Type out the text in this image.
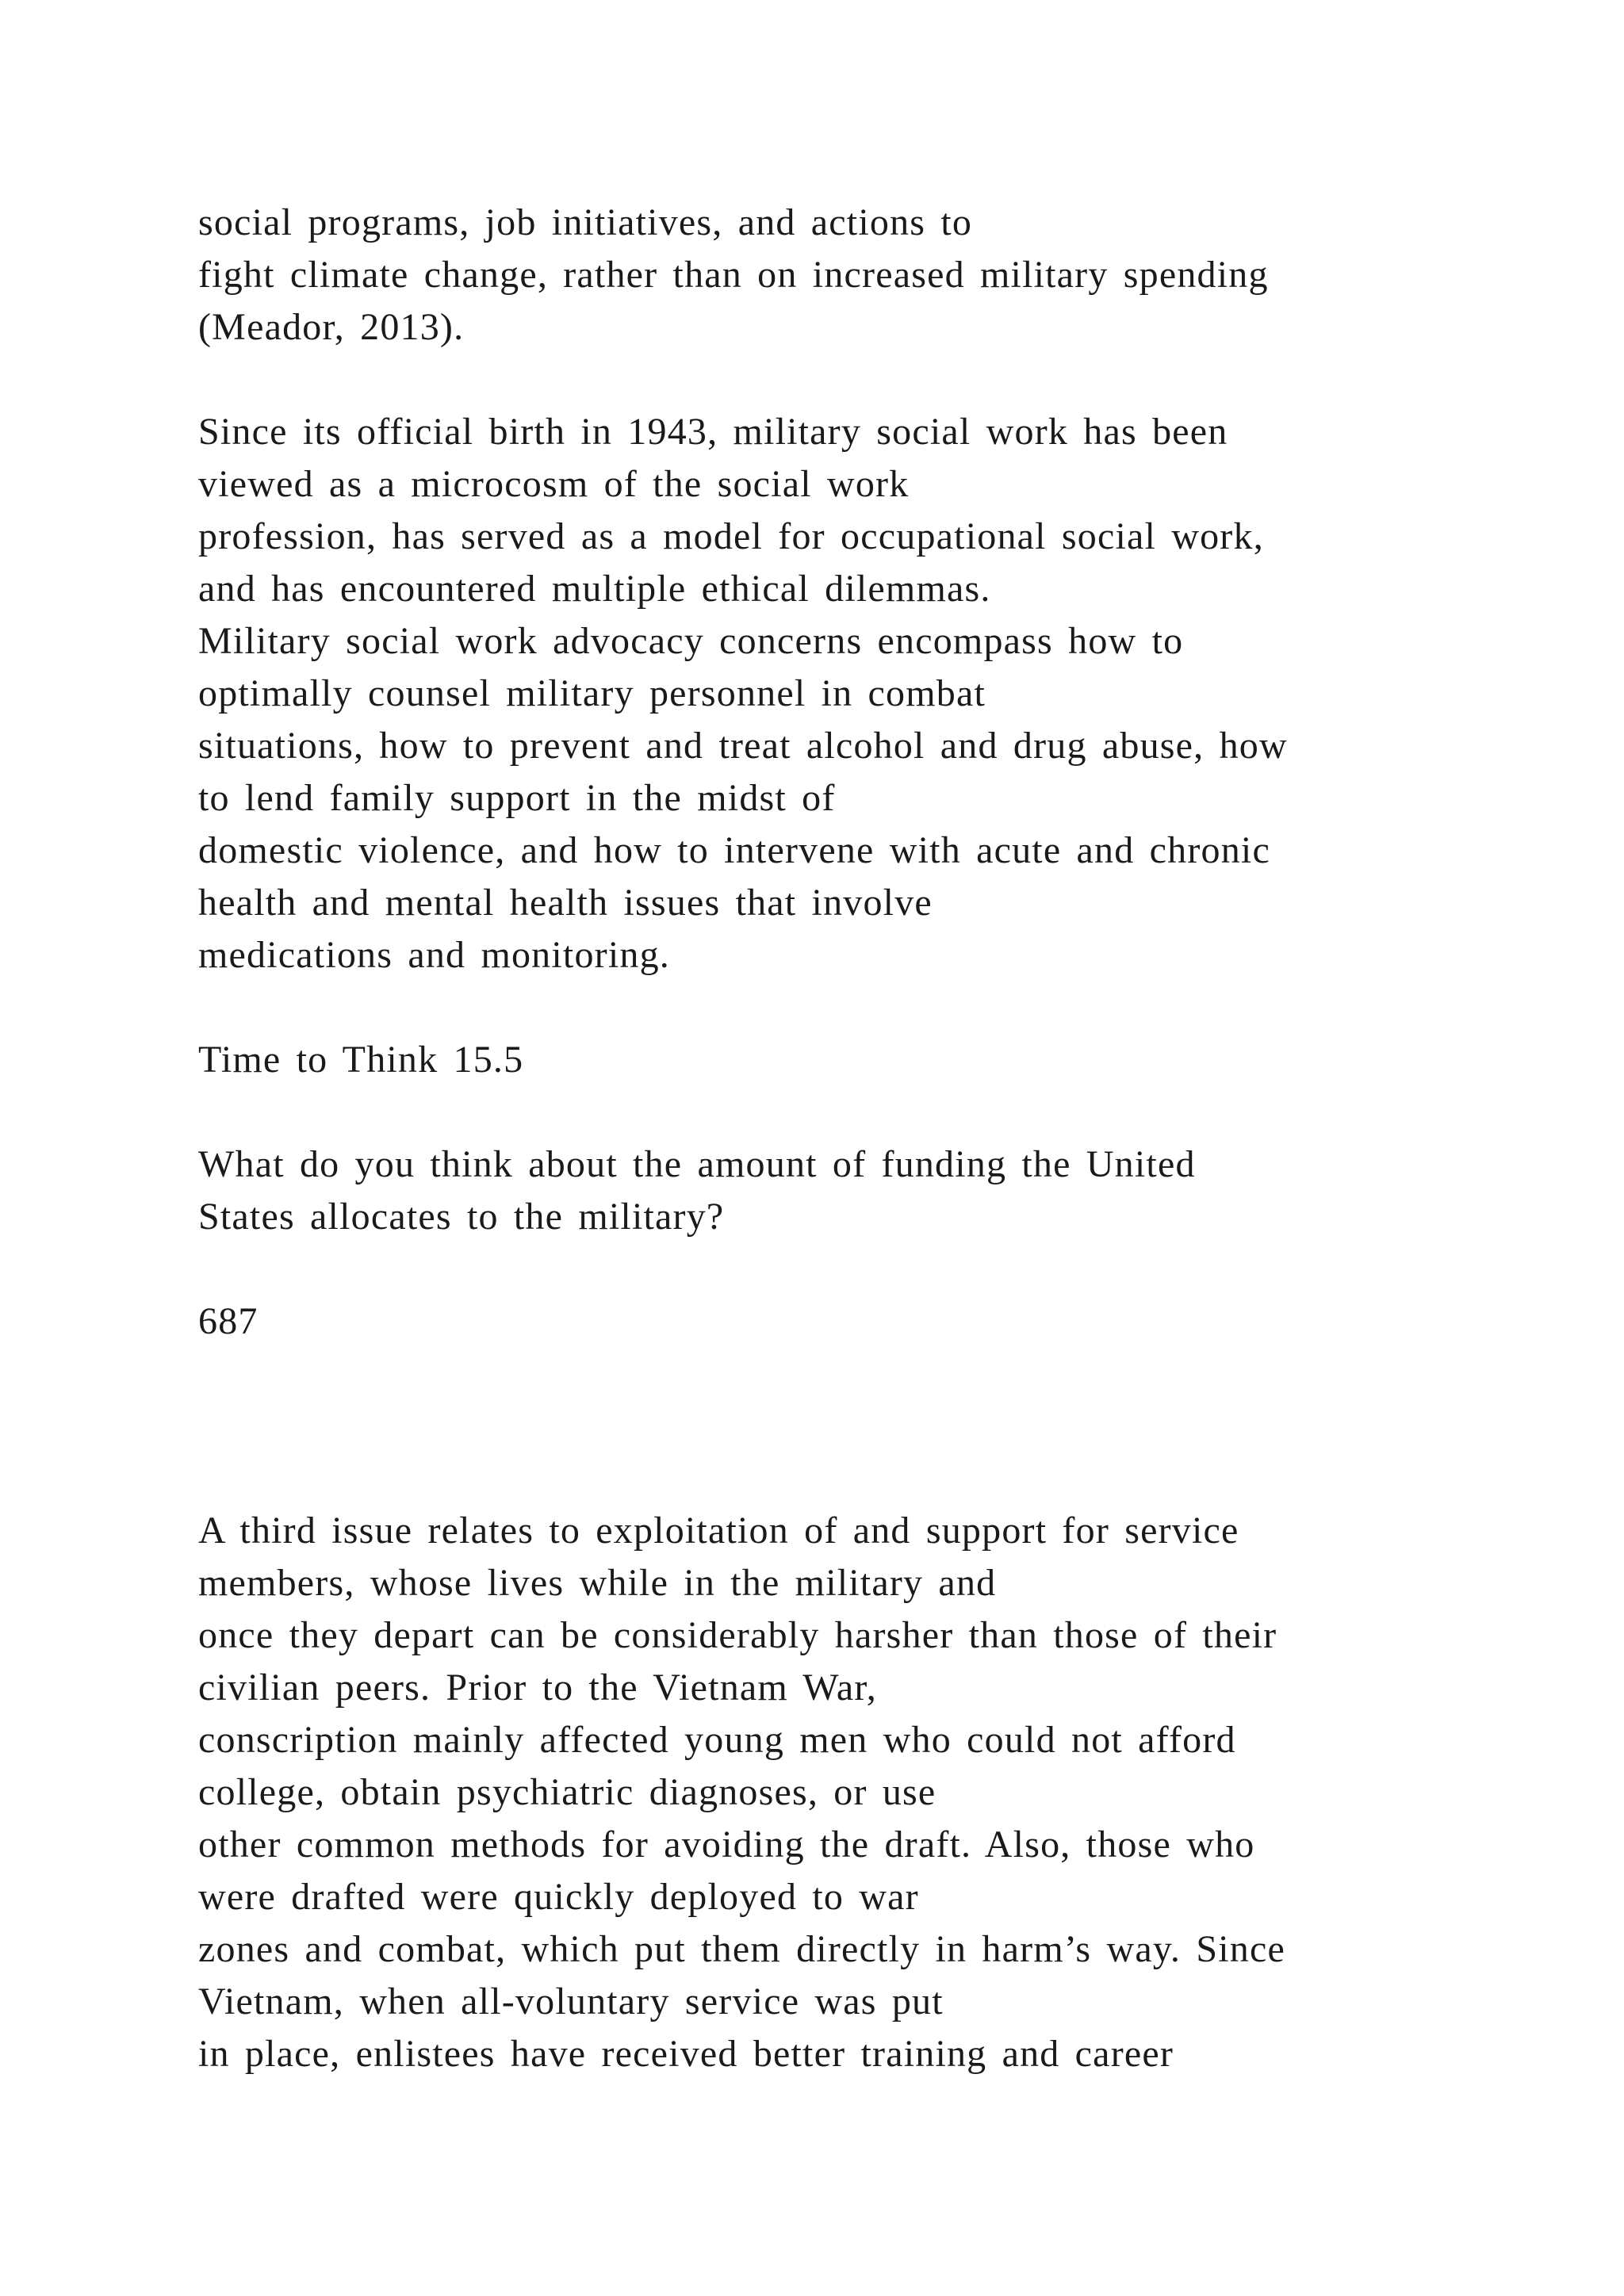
social programs, job initiatives, and actions to
fight climate change, rather than on increased military spending
(Meador, 2013).
Since its official birth in 1943, military social work has been
viewed as a microcosm of the social work
profession, has served as a model for occupational social work,
and has encountered multiple ethical dilemmas.
Military social work advocacy concerns encompass how to
optimally counsel military personnel in combat
situations, how to prevent and treat alcohol and drug abuse, how
to lend family support in the midst of
domestic violence, and how to intervene with acute and chronic
health and mental health issues that involve
medications and monitoring.
Time to Think 15.5
What do you think about the amount of funding the United
States allocates to the military?
687
A third issue relates to exploitation of and support for service
members, whose lives while in the military and
once they depart can be considerably harsher than those of their
civilian peers. Prior to the Vietnam War,
conscription mainly affected young men who could not afford
college, obtain psychiatric diagnoses, or use
other common methods for avoiding the draft. Also, those who
were drafted were quickly deployed to war
zones and combat, which put them directly in harm’s way. Since
Vietnam, when all-voluntary service was put
in place, enlistees have received better training and career
